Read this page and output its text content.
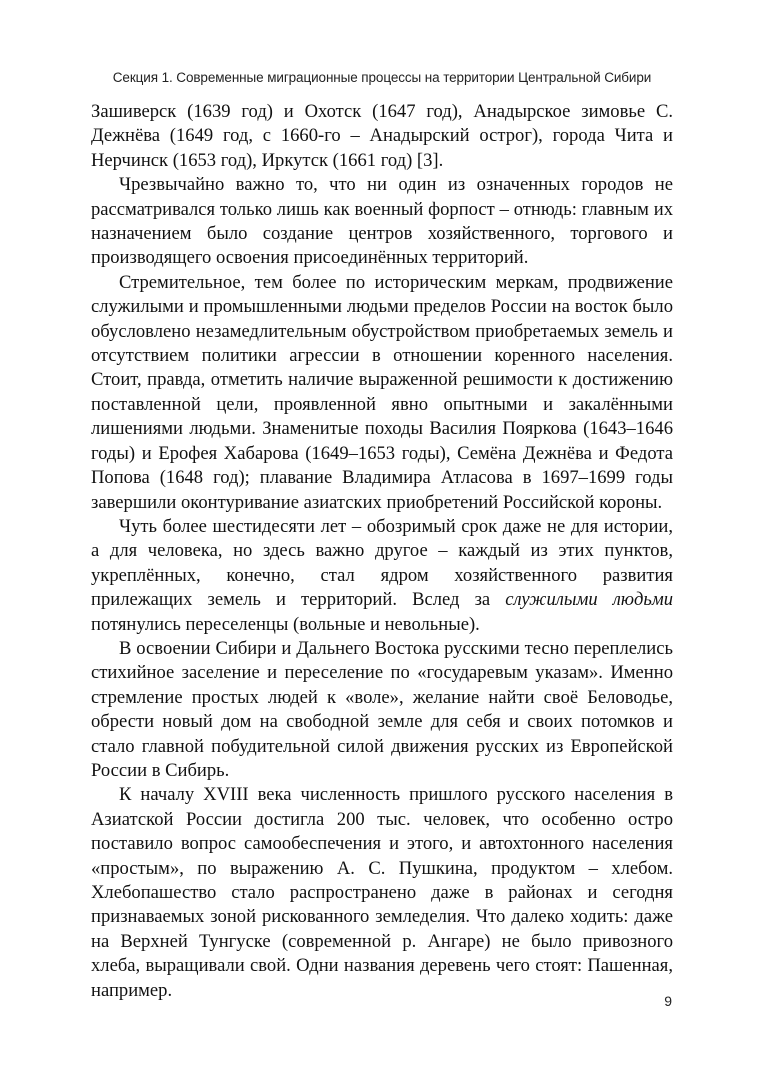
Секция 1. Современные миграционные процессы на территории Центральной Сибири

Зашиверск (1639 год) и Охотск (1647 год), Анадырское зимовье С. Дежнёва (1649 год, с 1660-го – Анадырский острог), города Чита и Нерчинск (1653 год), Иркутск (1661 год) [3].

Чрезвычайно важно то, что ни один из означенных городов не рассматривался только лишь как военный форпост – отнюдь: главным их назначением было создание центров хозяйственного, торгового и производящего освоения присоединённых территорий.

Стремительное, тем более по историческим меркам, продвижение служилыми и промышленными людьми пределов России на восток было обусловлено незамедлительным обустройством приобретаемых земель и отсутствием политики агрессии в отношении коренного населения. Стоит, правда, отметить наличие выраженной решимости к достижению поставленной цели, проявленной явно опытными и закалёнными лишениями людьми. Знаменитые походы Василия Пояркова (1643–1646 годы) и Ерофея Хабарова (1649–1653 годы), Семёна Дежнёва и Федота Попова (1648 год); плавание Владимира Атласова в 1697–1699 годы завершили оконтуривание азиатских приобретений Российской короны.

Чуть более шестидесяти лет – обозримый срок даже не для истории, а для человека, но здесь важно другое – каждый из этих пунктов, укреплённых, конечно, стал ядром хозяйственного развития прилежащих земель и территорий. Вслед за служилыми людьми потянулись переселенцы (вольные и невольные).

В освоении Сибири и Дальнего Востока русскими тесно переплелись стихийное заселение и переселение по «государевым указам». Именно стремление простых людей к «воле», желание найти своё Беловодье, обрести новый дом на свободной земле для себя и своих потомков и стало главной побудительной силой движения русских из Европейской России в Сибирь.

К началу XVIII века численность пришлого русского населения в Азиатской России достигла 200 тыс. человек, что особенно остро поставило вопрос самообеспечения и этого, и автохтонного населения «простым», по выражению А. С. Пушкина, продуктом – хлебом. Хлебопашество стало распространено даже в районах и сегодня признаваемых зоной рискованного земледелия. Что далеко ходить: даже на Верхней Тунгуске (современной р. Ангаре) не было привозного хлеба, выращивали свой. Одни названия деревень чего стоят: Пашенная, например.

9
